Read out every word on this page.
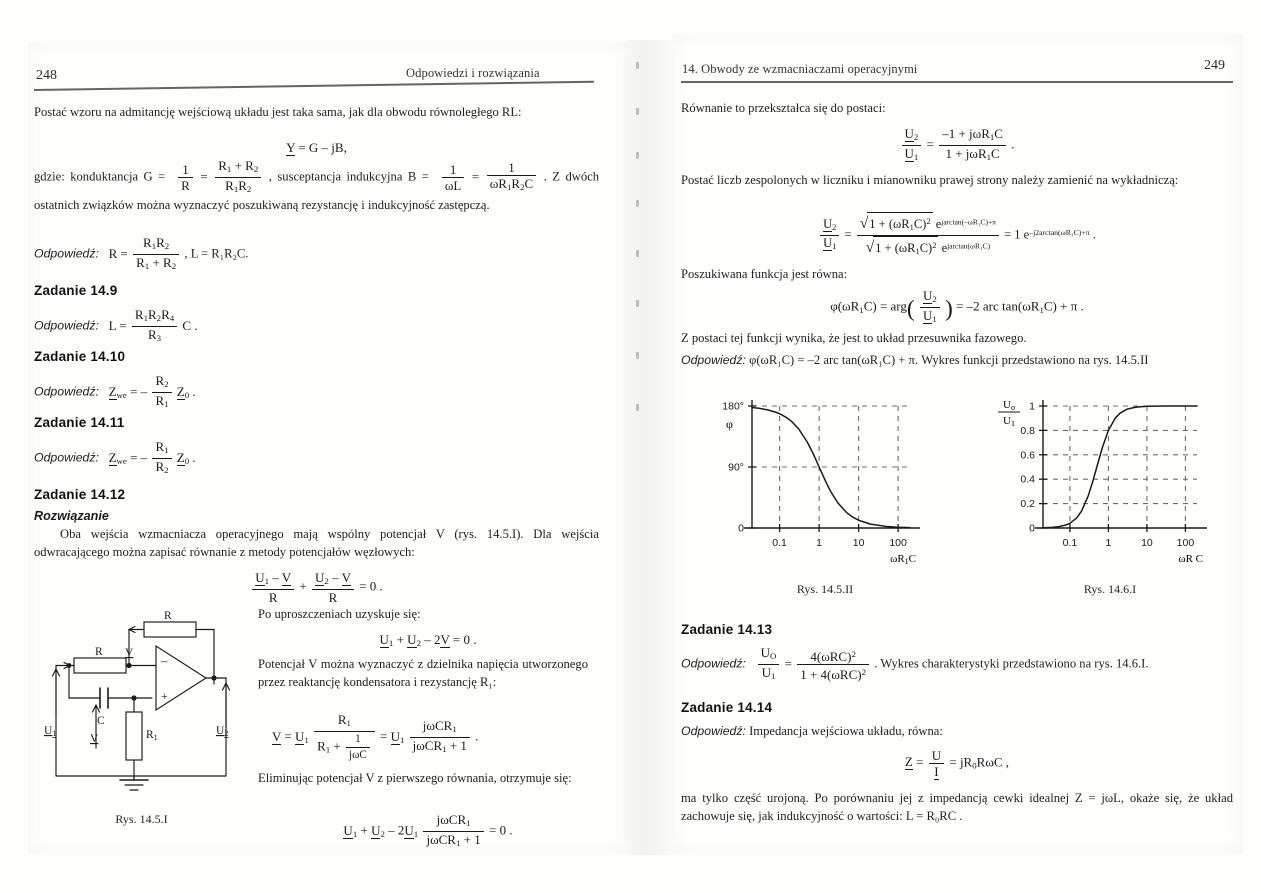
248	Odpowiedzi i rozwiązania
Postać wzoru na admitancję wejściową układu jest taka sama, jak dla obwodu równoległego RL:
Y = G – jB,
gdzie: konduktancja $G = \frac{1}{R} = \frac{R_1 + R_2}{R_1R_2}$ , susceptancja indukcyjna $B = \frac{1}{\omega L} = \frac{1}{\omega R_1R_2C}$ . Z dwóch ostatnich związków można wyznaczyć poszukiwaną rezystancję i indukcyjność zastępczą.
Odpowiedź:   $R = \frac{R_1R_2}{R_1 + R_2}$ , L = R₁R₂C.
Zadanie 14.9
Odpowiedź:   $L = \frac{R_1R_2R_4}{R_3}$ C .
Zadanie 14.10
Odpowiedź: $Z_{we}$ = – $\frac{R_2}{R_1} Z_0$ .
Zadanie 14.11
Odpowiedź: $Z_{we}$ = – $\frac{R_1}{R_2} Z_0$ .
Zadanie 14.12
Rozwiązanie
Oba wejścia wzmacniacza operacyjnego mają wspólny potencjał V (rys. 14.5.I). Dla wejścia odwracającego można zapisać równanie z metody potencjałów węzłowych:
$\frac{U_1 - V}{R} + \frac{U_2 - V}{R} = 0$ .
Po uproszczeniach uzyskuje się:
$U_1 + U_2 - 2V = 0$ .
Potencjał V można wyznaczyć z dzielnika napięcia utworzonego przez reaktancję kondensatora i rezystancję R₁:
$V = U_1 \frac{R_1}{R_1 + \frac{1}{\text{jωC}}} = U_1 \frac{j\omega CR_1}{j\omega CR_1 + 1}$ .
Eliminując potencjał V z pierwszego równania, otrzymuje się:
$U_1 + U_2 - 2U_1 \frac{j\omega CR_1}{j\omega CR_1 + 1} = 0$ .
R
R
C
R1
V
V
U1	U2
–
+
Rys. 14.5.I
14. Obwody ze wzmacniaczami operacyjnymi	249
Równanie to przekształca się do postaci:
$\frac{U_2}{U_1} = \frac{-1 + j\omega R_1C}{1 + j\omega R_1C}$ .
Postać liczb zespolonych w liczniku i mianowniku prawej strony należy zamienić na wykładniczą:
$\frac{U_2}{U_1} = \frac{√1 + (\omega R_1C)^2 e^{jarctan(-\omega R_1C)+\pi}}{√1 + (\omega R_1C)^2 e^{jarctan(\omega R_1C)}} = 1$ $e^{-j2arctan(\omega R_1C)+\pi}$ .
Poszukiwana funkcja jest równa:
$\varphi(\omega R_1C) = arg( \frac{U_2}{U_1}$ ) = –2 arc $\tan(\omega R_1C) + \pi$ .
Z postaci tej funkcji wynika, że jest to układ przesuwnika fazowego.
Odpowiedź: φ(ωR₁C) = –2 arc tan(ωR₁C) + π. Wykres funkcji przedstawiono na rys. 14.5.II
0.1	1	10 100
0
90°
180°
ωR1C
φ
0.1	1	10 100
0
0.2
0.4
0.6
0.8
1
ωR C
Uo
U1
Rys. 14.5.II	Rys. 14.6.I
Zadanie 14.13
Odpowiedź: $\frac{U_O}{U_1} = \frac{4(\omega RC)^2}{1 + 4(\omega RC)^2}$ . Wykres charakterystyki przedstawiono na rys. 14.6.I.
Zadanie 14.14
Odpowiedź: Impedancja wejściowa układu, równa:
$Z = \frac{U}{I} = jR_0R\omega C$ ,
ma tylko część urojoną. Po porównaniu jej z impedancją cewki idealnej Z = jωL, okaże się, że układ zachowuje się, jak indukcyjność o wartości: L = R₀RC .
